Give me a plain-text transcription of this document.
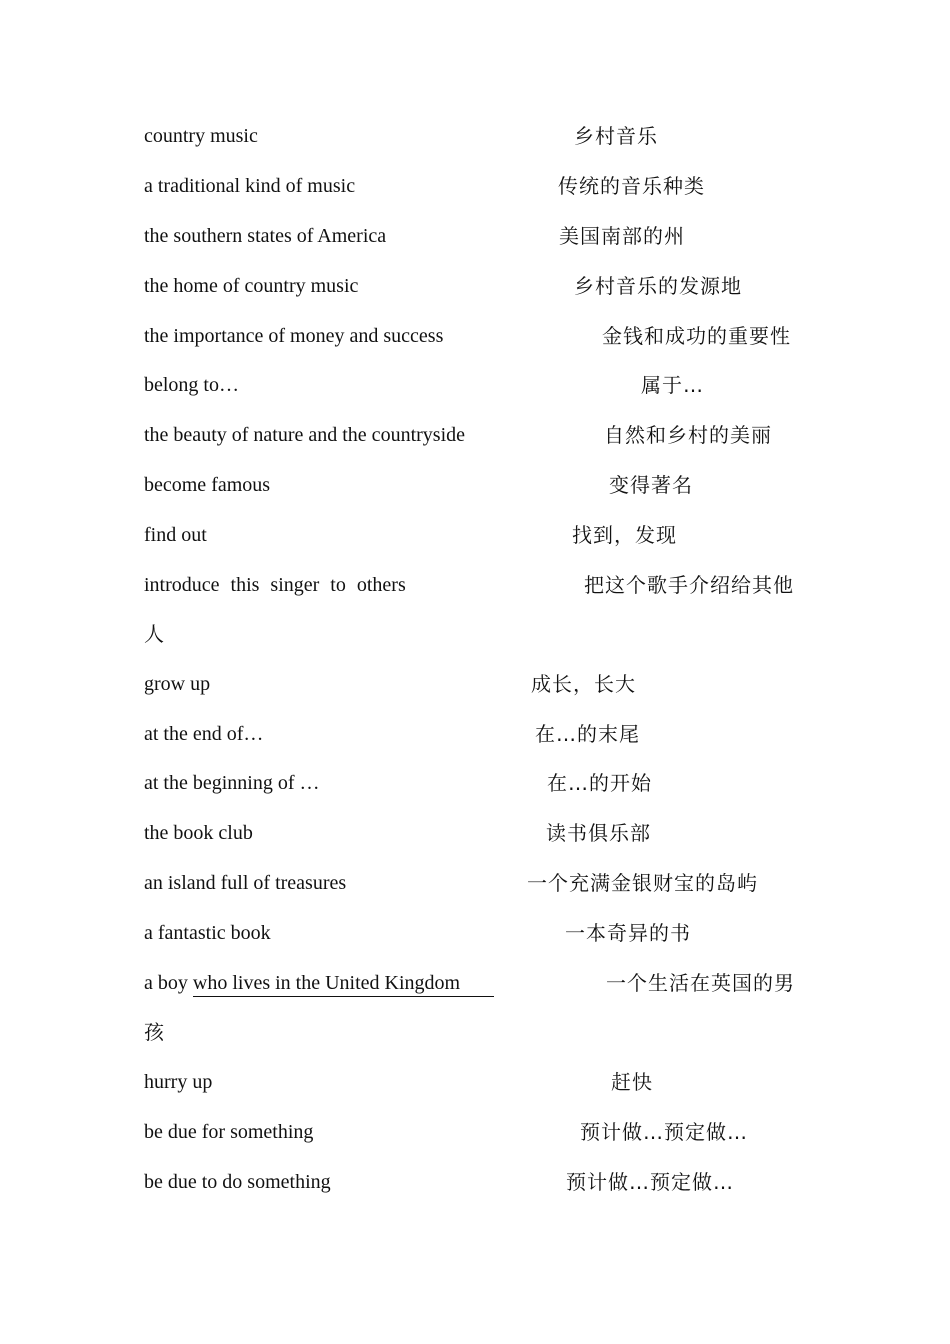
country music	乡村音乐
a traditional kind of music	传统的音乐种类
the southern states of America	美国南部的州
the home of country music	乡村音乐的发源地
the importance of money and success	金钱和成功的重要性
belong to…	属于…
the beauty of nature and the countryside	自然和乡村的美丽
become famous	变得著名
find out	找到，发现
introduce this singer to others	把这个歌手介绍给其他
人
grow up	成长，长大
at the end of…	在…的末尾
at the beginning of …	在…的开始
the book club	读书俱乐部
an island full of treasures	一个充满金银财宝的岛屿
a fantastic book	一本奇异的书
a boy who lives in the United Kingdom	一个生活在英国的男
孩
hurry up	赶快
be due for something	预计做…预定做…
be due to do something	预计做…预定做…
